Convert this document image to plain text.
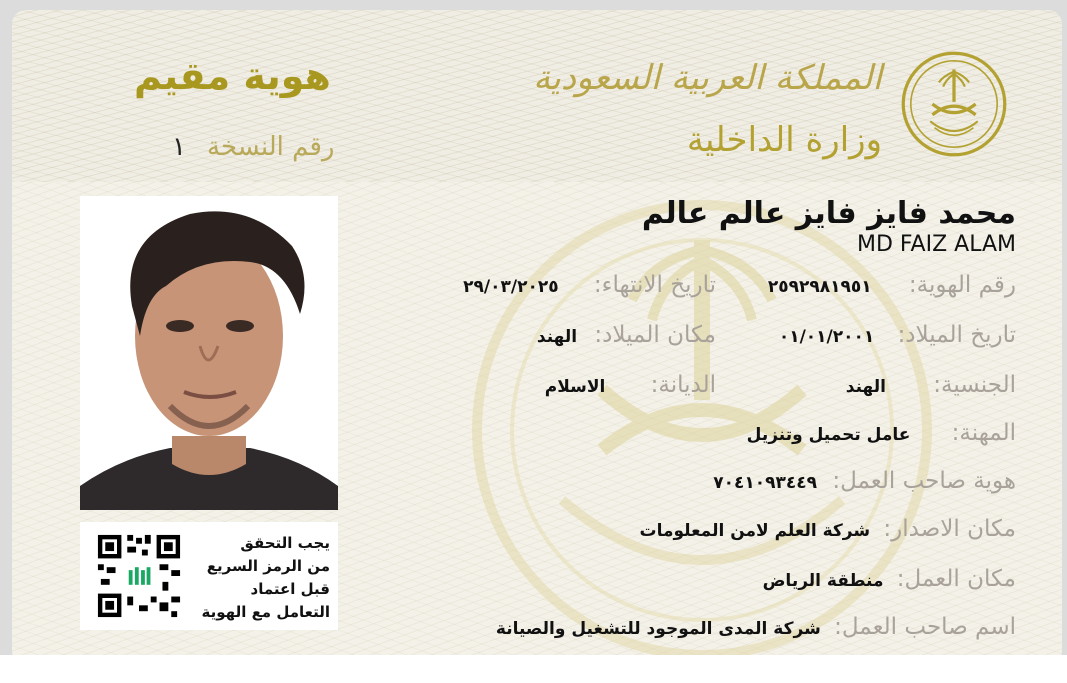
المملكة العربية السعودية
وزارة الداخلية
هوية مقيم
رقم النسخة
١
يجب التحقق
من الرمز السريع
قبل اعتماد
التعامل مع الهوية
محمد فايز فايز عالم عالم
MD FAIZ ALAM
رقم الهوية: ٢٥٩٢٩٨١٩٥١
تاريخ الانتهاء: ٢٩/٠٣/٢٠٢٥
تاريخ الميلاد: ٠١/٠١/٢٠٠١
مكان الميلاد: الهند
الجنسية: الهند
الديانة: الاسلام
المهنة: عامل تحميل وتنزيل
هوية صاحب العمل: ٧٠٤١٠٩٣٤٤٩
مكان الاصدار: شركة العلم لامن المعلومات
مكان العمل: منطقة الرياض
اسم صاحب العمل: شركة المدى الموجود للتشغيل والصيانة
